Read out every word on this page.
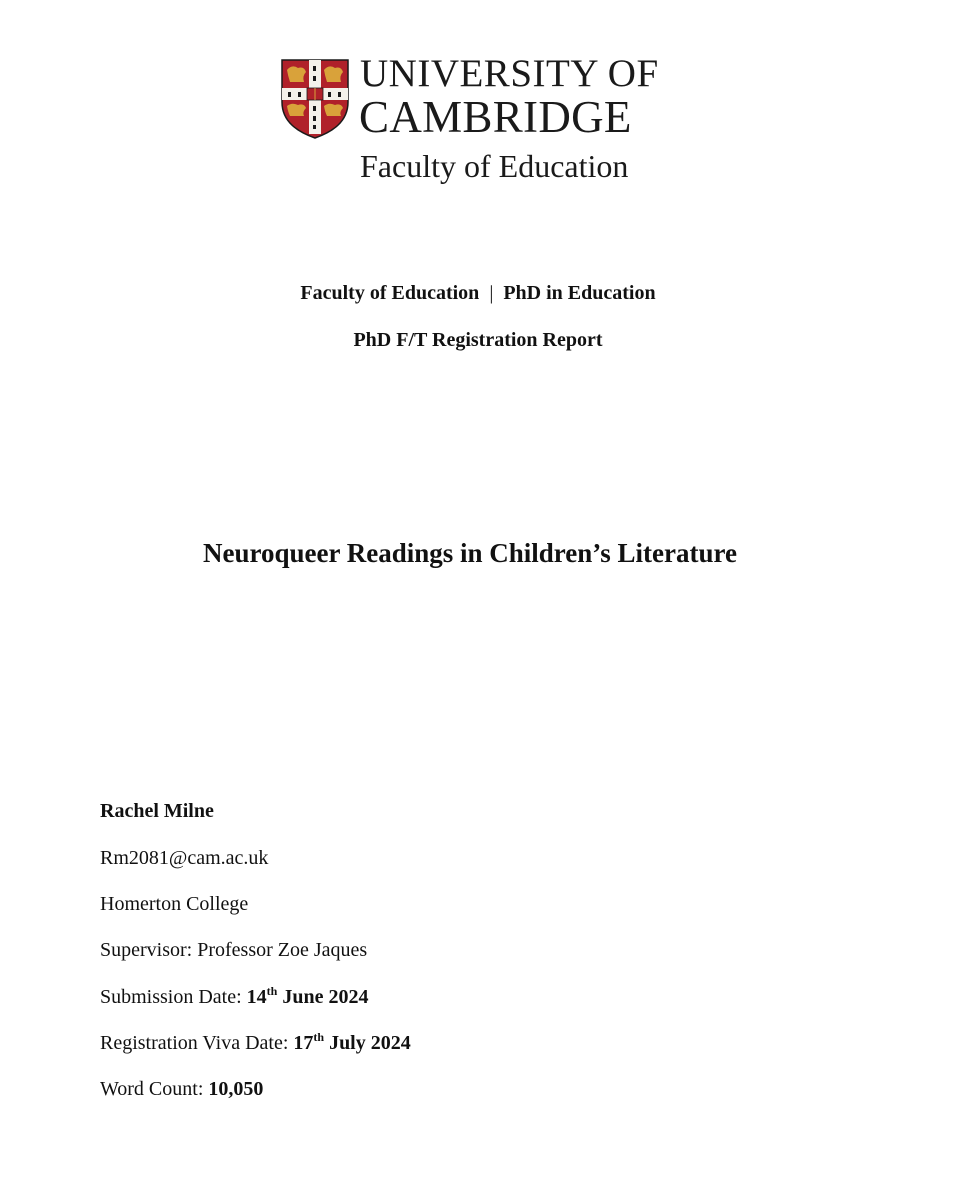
UNIVERSITY OF
CAMBRIDGE
Faculty of Education
Faculty of Education | PhD in Education
PhD F/T Registration Report
Neuroqueer Readings in Children’s Literature
Rachel Milne
Rm2081@cam.ac.uk
Homerton College
Supervisor: Professor Zoe Jaques
Submission Date: 14th June 2024
Registration Viva Date: 17th July 2024
Word Count: 10,050
